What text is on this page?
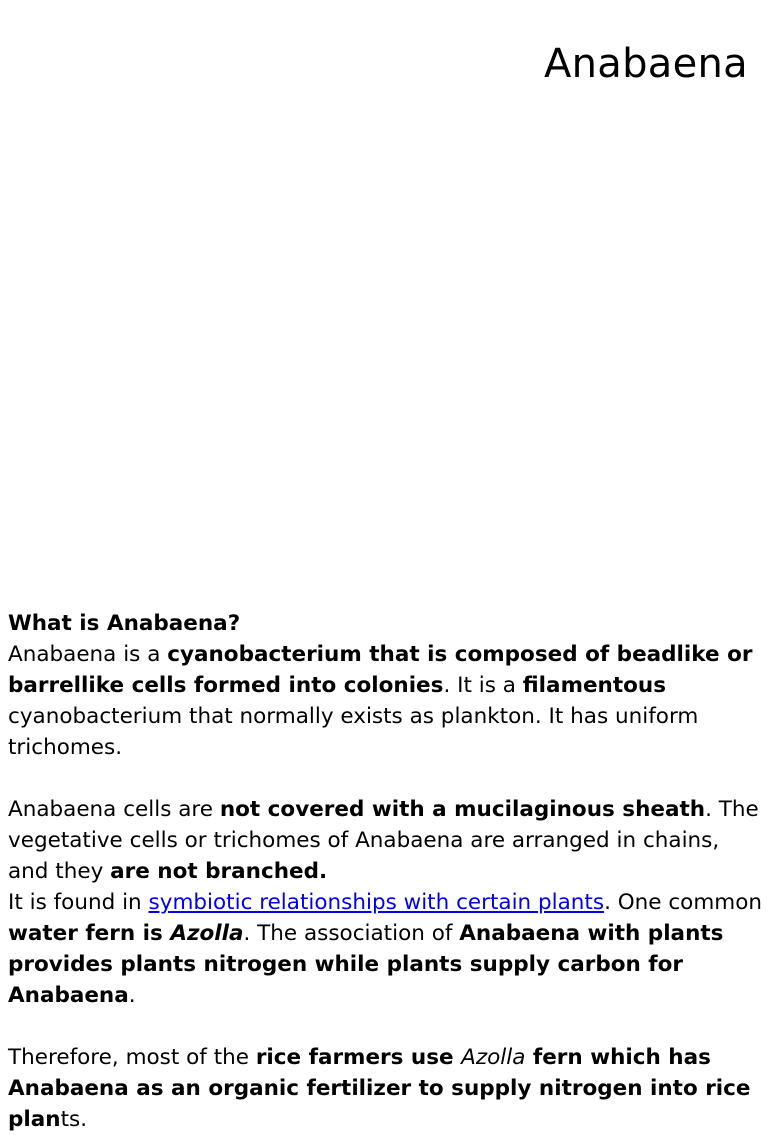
Anabaena

What is Anabaena?

Anabaena is a cyanobacterium that is composed of beadlike or barrellike cells formed into colonies. It is a filamentous cyanobacterium that normally exists as plankton. It has uniform trichomes.

Anabaena cells are not covered with a mucilaginous sheath. The vegetative cells or trichomes of Anabaena are arranged in chains, and they are not branched.

It is found in symbiotic relationships with certain plants. One common water fern is Azolla. The association of Anabaena with plants provides plants nitrogen while plants supply carbon for Anabaena.

Therefore, most of the rice farmers use Azolla fern which has Anabaena as an organic fertilizer to supply nitrogen into rice plants.
